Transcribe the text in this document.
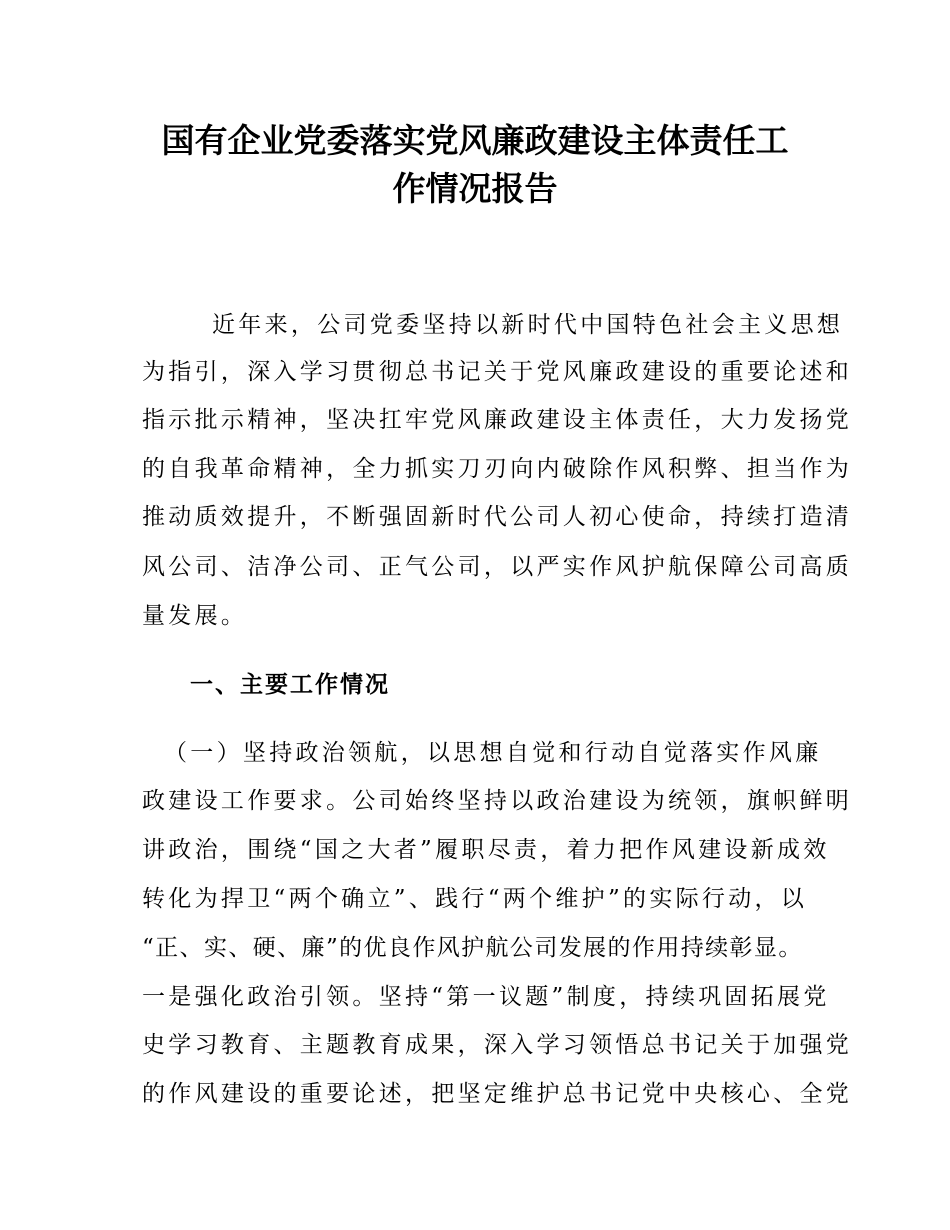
国有企业党委落实党风廉政建设主体责任工
作情况报告
近年来，公司党委坚持以新时代中国特色社会主义思想
为指引，深入学习贯彻总书记关于党风廉政建设的重要论述和
指示批示精神，坚决扛牢党风廉政建设主体责任，大力发扬党
的自我革命精神，全力抓实刀刃向内破除作风积弊、担当作为
推动质效提升，不断强固新时代公司人初心使命，持续打造清
风公司、洁净公司、正气公司，以严实作风护航保障公司高质
量发展。
一、主要工作情况
（一）坚持政治领航，以思想自觉和行动自觉落实作风廉
政建设工作要求。公司始终坚持以政治建设为统领，旗帜鲜明
讲政治，围绕“国之大者”履职尽责，着力把作风建设新成效
转化为捍卫“两个确立”、践行“两个维护”的实际行动，以
“正、实、硬、廉”的优良作风护航公司发展的作用持续彰显。
一是强化政治引领。坚持“第一议题”制度，持续巩固拓展党
史学习教育、主题教育成果，深入学习领悟总书记关于加强党
的作风建设的重要论述，把坚定维护总书记党中央核心、全党
